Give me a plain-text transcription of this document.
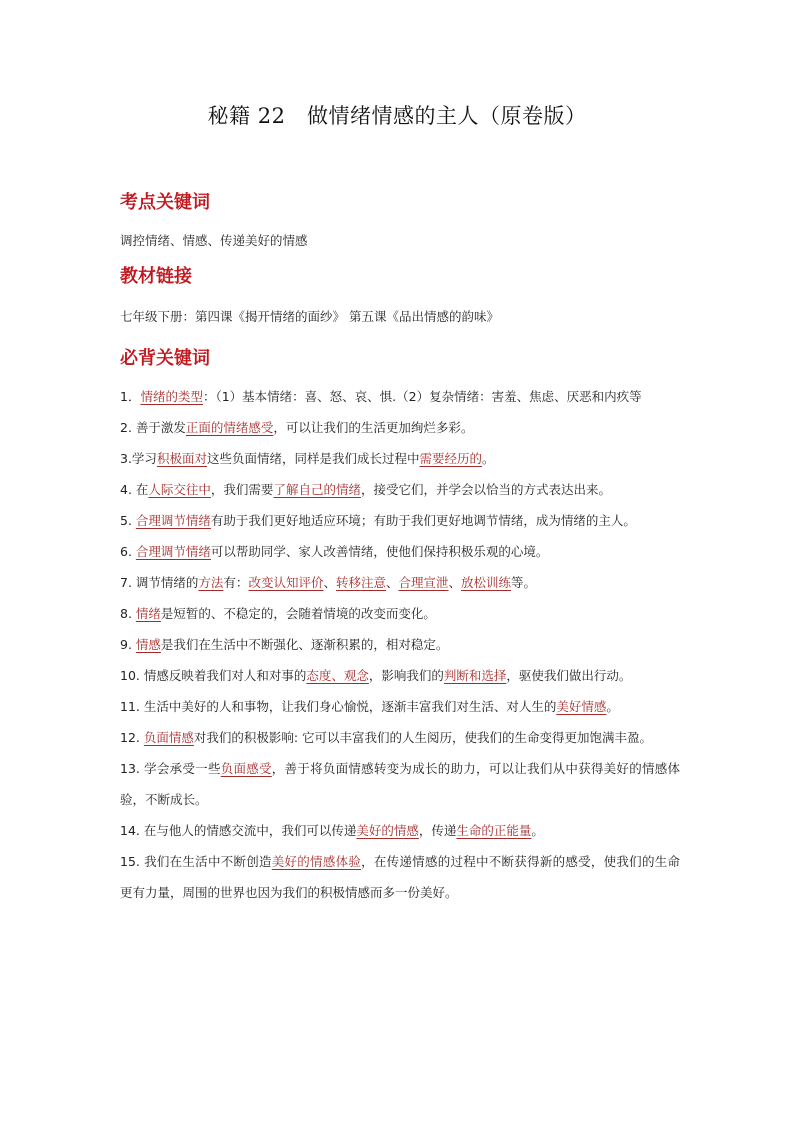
秘籍 22　做情绪情感的主人（原卷版）
考点关键词
调控情绪、情感、传递美好的情感
教材链接
七年级下册：第四课《揭开情绪的面纱》 第五课《品出情感的韵味》
必背关键词

1．情绪的类型：（1）基本情绪：喜、怒、哀、惧.（2）复杂情绪：害羞、焦虑、厌恶和内疚等

2. 善于激发正面的情绪感受，可以让我们的生活更加绚烂多彩。

3.学习积极面对这些负面情绪，同样是我们成长过程中需要经历的。

4. 在人际交往中，我们需要了解自己的情绪，接受它们，并学会以恰当的方式表达出来。

5. 合理调节情绪有助于我们更好地适应环境；有助于我们更好地调节情绪，成为情绪的主人。

6. 合理调节情绪可以帮助同学、家人改善情绪，使他们保持积极乐观的心境。

7. 调节情绪的方法有：改变认知评价、转移注意、合理宣泄、放松训练等。

8. 情绪是短暂的、不稳定的，会随着情境的改变而变化。

9. 情感是我们在生活中不断强化、逐渐积累的，相对稳定。

10. 情感反映着我们对人和对事的态度、观念，影响我们的判断和选择，驱使我们做出行动。

11. 生活中美好的人和事物，让我们身心愉悦，逐渐丰富我们对生活、对人生的美好情感。

12. 负面情感对我们的积极影响: 它可以丰富我们的人生阅历，使我们的生命变得更加饱满丰盈。

13. 学会承受一些负面感受，善于将负面情感转变为成长的助力，可以让我们从中获得美好的情感体验，不断成长。

14. 在与他人的情感交流中，我们可以传递美好的情感，传递生命的正能量。

15. 我们在生活中不断创造美好的情感体验，在传递情感的过程中不断获得新的感受，使我们的生命更有力量，周围的世界也因为我们的积极情感而多一份美好。
